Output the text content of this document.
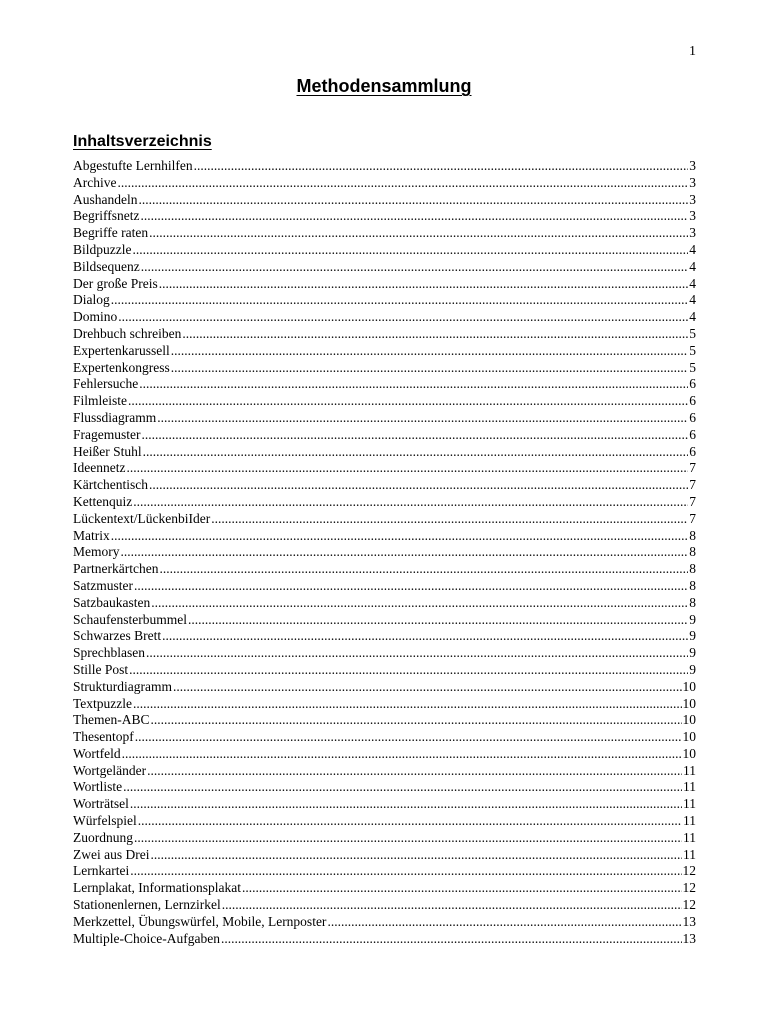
1
Methodensammlung
Inhaltsverzeichnis
Abgestufte Lernhilfen .....	3
Archive .....	3
Aushandeln .....	3
Begriffsnetz .....	3
Begriffe raten .....	3
Bildpuzzle .....	4
Bildsequenz .....	4
Der große Preis .....	4
Dialog .....	4
Domino .....	4
Drehbuch schreiben .....	5
Expertenkarussell .....	5
Expertenkongress .....	5
Fehlersuche .....	6
Filmleiste .....	6
Flussdiagramm .....	6
Fragemuster .....	6
Heißer Stuhl .....	6
Ideennetz .....	7
Kärtchentisch .....	7
Kettenquiz .....	7
Lückentext/LückenbiIder .....	7
Matrix .....	8
Memory .....	8
Partnerkärtchen .....	8
Satzmuster .....	8
Satzbaukasten .....	8
Schaufensterbummel .....	9
Schwarzes Brett .....	9
Sprechblasen .....	9
Stille Post .....	9
Strukturdiagramm .....	10
Textpuzzle .....	10
Themen-ABC .....	10
Thesentopf .....	10
Wortfeld .....	10
Wortgeländer .....	11
Wortliste .....	11
Worträtsel .....	11
Würfelspiel .....	11
Zuordnung .....	11
Zwei aus Drei .....	11
Lernkartei .....	12
Lernplakat, Informationsplakat .....	12
Stationenlernen, Lernzirkel .....	12
Merkzettel, Übungswürfel, Mobile, Lernposter .....	13
Multiple-Choice-Aufgaben .....	13
